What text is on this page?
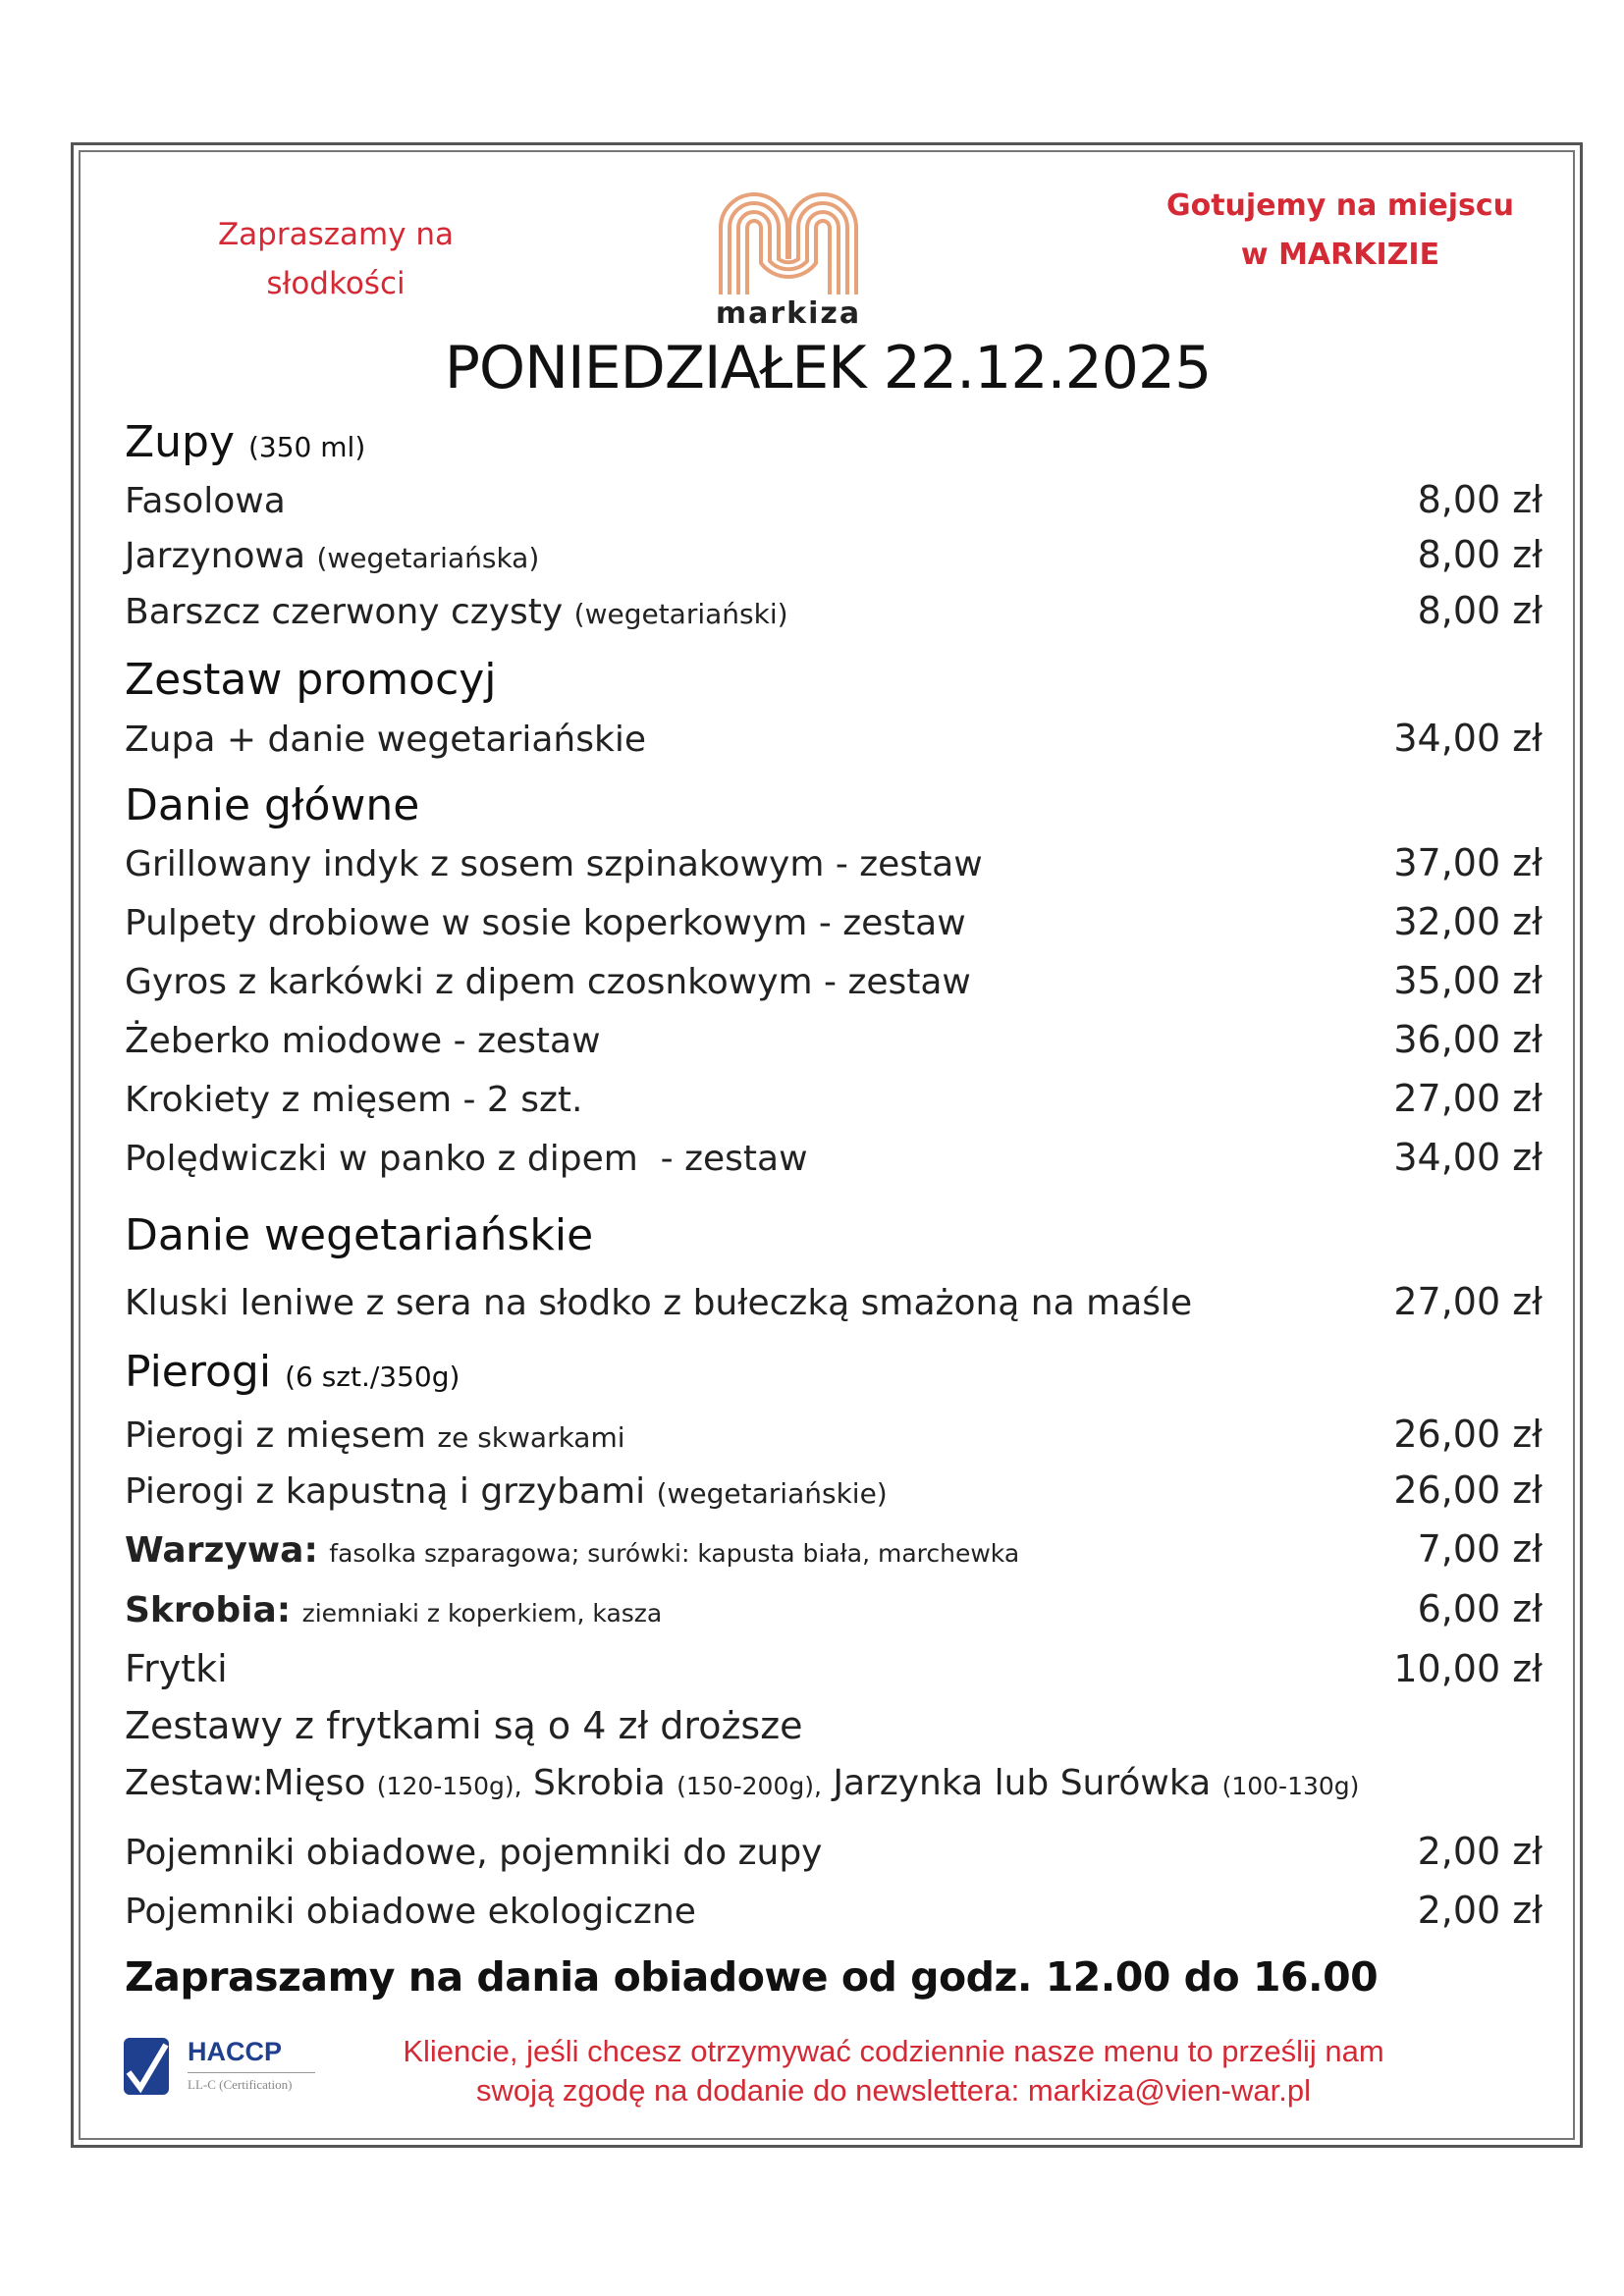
Zapraszamy na
słodkości
Gotujemy na miejscu
w MARKIZIE
markiza
PONIEDZIAŁEK 22.12.2025
Zupy (350 ml)
Fasolowa	8,00 zł
Jarzynowa (wegetariańska)	8,00 zł
Barszcz czerwony czysty (wegetariański)	8,00 zł
Zestaw promocyj
Zupa + danie wegetariańskie	34,00 zł
Danie główne
Grillowany indyk z sosem szpinakowym - zestaw	37,00 zł
Pulpety drobiowe w sosie koperkowym - zestaw	32,00 zł
Gyros z karkówki z dipem czosnkowym - zestaw	35,00 zł
Żeberko miodowe - zestaw	36,00 zł
Krokiety z mięsem - 2 szt.	27,00 zł
Polędwiczki w panko z dipem  - zestaw	34,00 zł
Danie wegetariańskie
Kluski leniwe z sera na słodko z bułeczką smażoną na maśle	27,00 zł
Pierogi (6 szt./350g)
Pierogi z mięsem ze skwarkami	26,00 zł
Pierogi z kapustną i grzybami (wegetariańskie)	26,00 zł
Warzywa: fasolka szparagowa; surówki: kapusta biała, marchewka	7,00 zł
Skrobia: ziemniaki z koperkiem, kasza	6,00 zł
Frytki	10,00 zł
Zestawy z frytkami są o 4 zł droższe
Zestaw:Mięso (120-150g), Skrobia (150-200g), Jarzynka lub Surówka (100-130g)
Pojemniki obiadowe, pojemniki do zupy	2,00 zł
Pojemniki obiadowe ekologiczne	2,00 zł
Zapraszamy na dania obiadowe od godz. 12.00 do 16.00
HACCP
LL-C (Certification)
Kliencie, jeśli chcesz otrzymywać codziennie nasze menu to prześlij nam
swoją zgodę na dodanie do newslettera: markiza@vien-war.pl
